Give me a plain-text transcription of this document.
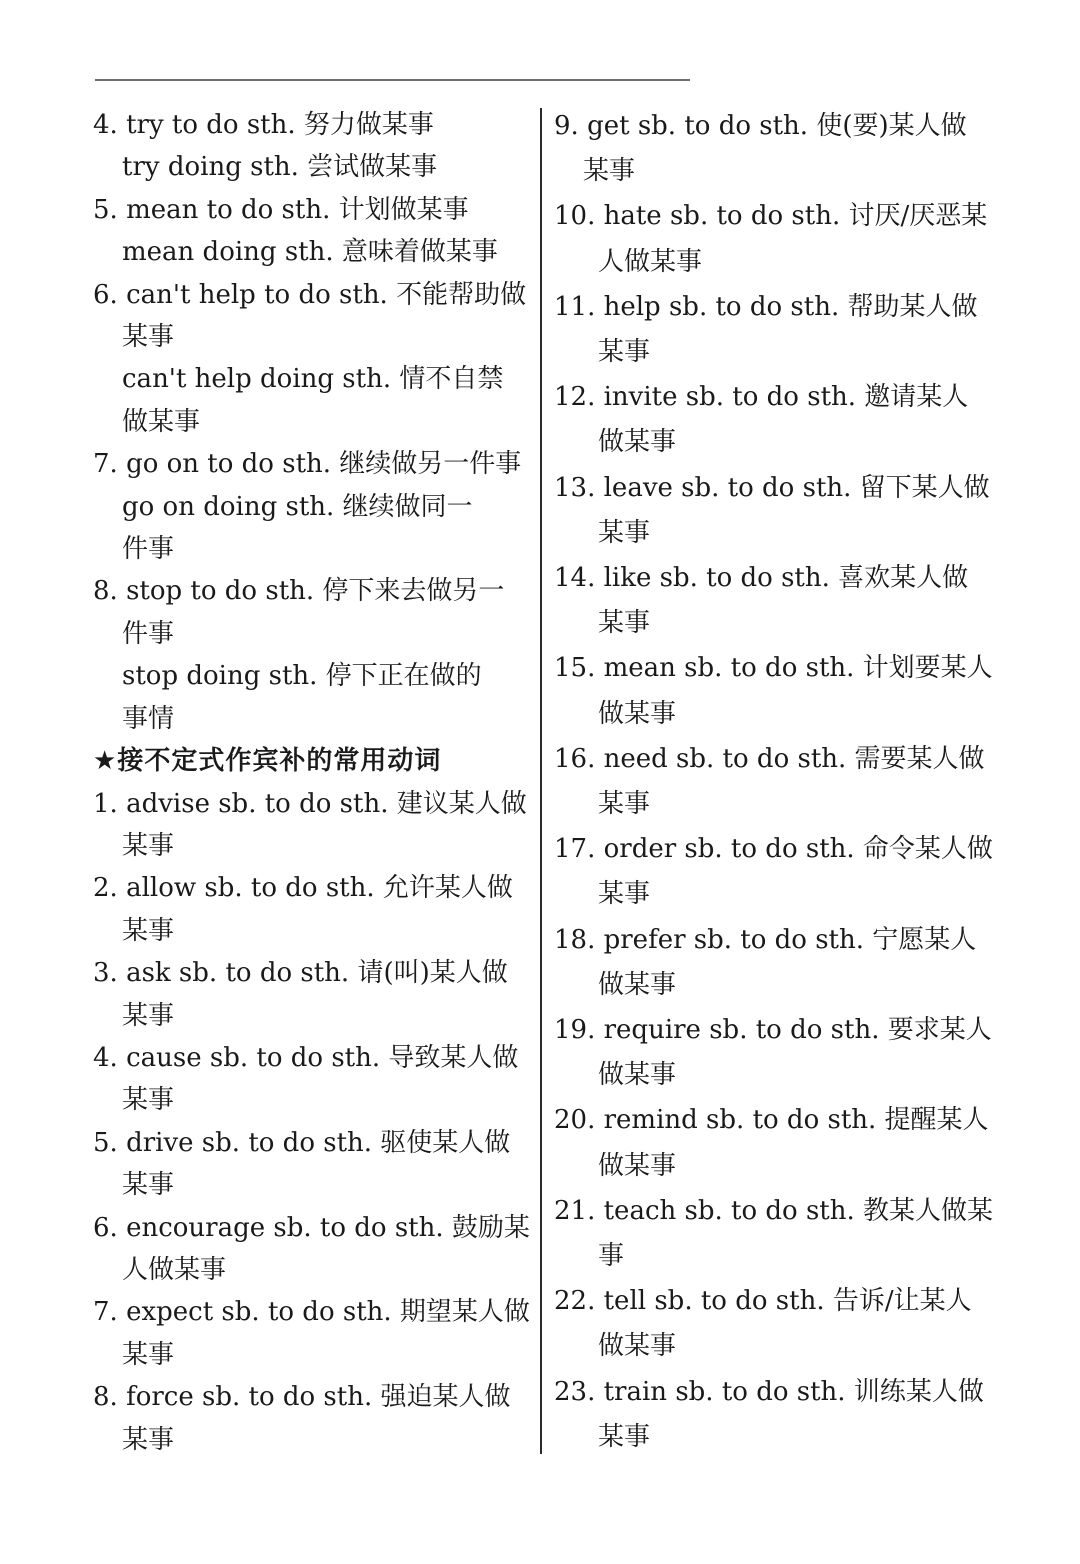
4. try to do sth. 努力做某事
try doing sth. 尝试做某事
5. mean to do sth. 计划做某事
mean doing sth. 意味着做某事
6. can't help to do sth. 不能帮助做
某事
can't help doing sth. 情不自禁
做某事
7. go on to do sth. 继续做另一件事
go on doing sth. 继续做同一
件事
8. stop to do sth. 停下来去做另一
件事
stop doing sth. 停下正在做的
事情
★接不定式作宾补的常用动词
1. advise sb. to do sth. 建议某人做
某事
2. allow sb. to do sth. 允许某人做
某事
3. ask sb. to do sth. 请(叫)某人做
某事
4. cause sb. to do sth. 导致某人做
某事
5. drive sb. to do sth. 驱使某人做
某事
6. encourage sb. to do sth. 鼓励某
人做某事
7. expect sb. to do sth. 期望某人做
某事
8. force sb. to do sth. 强迫某人做
某事
9. get sb. to do sth. 使(要)某人做
某事
10. hate sb. to do sth. 讨厌/厌恶某
人做某事
11. help sb. to do sth. 帮助某人做
某事
12. invite sb. to do sth. 邀请某人
做某事
13. leave sb. to do sth. 留下某人做
某事
14. like sb. to do sth. 喜欢某人做
某事
15. mean sb. to do sth. 计划要某人
做某事
16. need sb. to do sth. 需要某人做
某事
17. order sb. to do sth. 命令某人做
某事
18. prefer sb. to do sth. 宁愿某人
做某事
19. require sb. to do sth. 要求某人
做某事
20. remind sb. to do sth. 提醒某人
做某事
21. teach sb. to do sth. 教某人做某
事
22. tell sb. to do sth. 告诉/让某人
做某事
23. train sb. to do sth. 训练某人做
某事
